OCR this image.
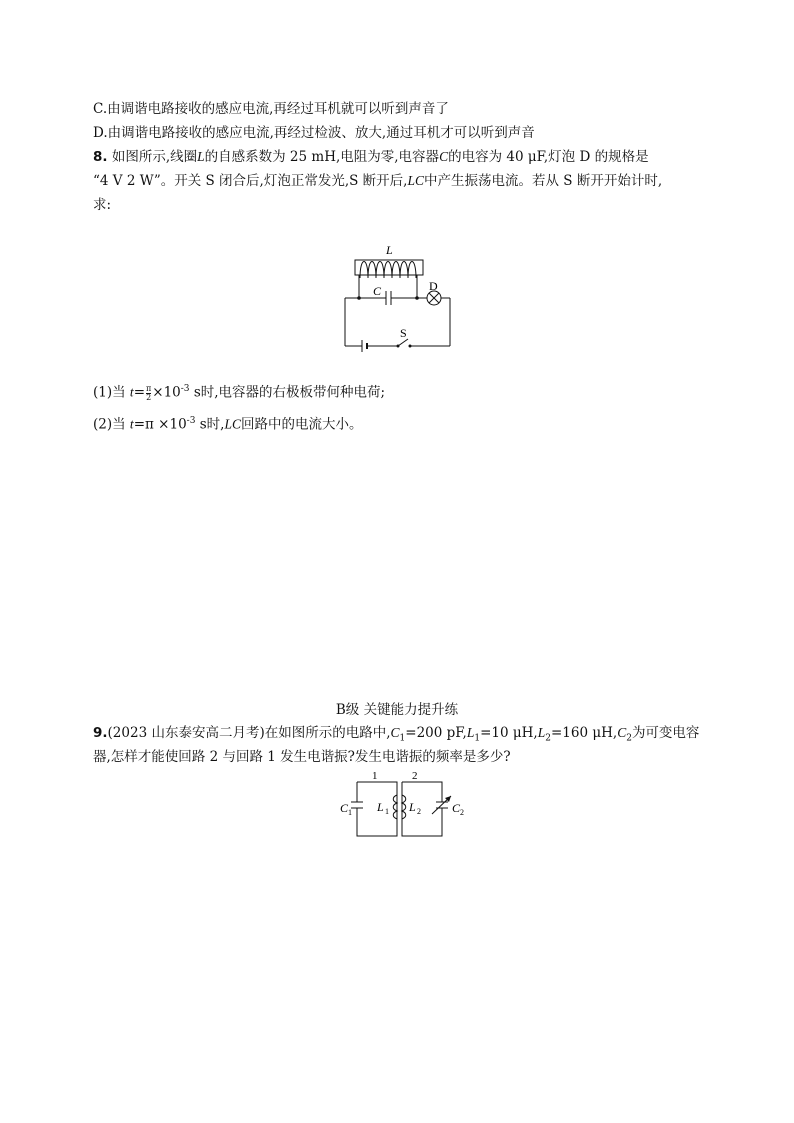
C.由调谐电路接收的感应电流,再经过耳机就可以听到声音了
D.由调谐电路接收的感应电流,再经过检波、放大,通过耳机才可以听到声音
8. 如图所示,线圈L的自感系数为 25 mH,电阻为零,电容器C的电容为 40 μF,灯泡 D 的规格是
“4 V 2 W”。开关 S 闭合后,灯泡正常发光,S 断开后,LC中产生振荡电流。若从 S 断开开始计时,
求:
L
C	D
S
(1)当 $t= \frac{\pi}{2} \times 10^{-3}$ s时,电容器的右极板带何种电荷;
(2)当 $t=\pi \times 10^{-3}$ s时,LC回路中的电流大小。
B级 关键能力提升练
9.(2023 山东泰安高二月考)在如图所示的电路中$,C_1=200$ $pF,L_1=10$ $\mu H,L_2=160$ $\mu H,C_2$为可变电容
器,怎样才能使回路 2 与回路 1 发生电谐振?发生电谐振的频率是多少?
1	2
C 1 L 1 L 2	C 2
